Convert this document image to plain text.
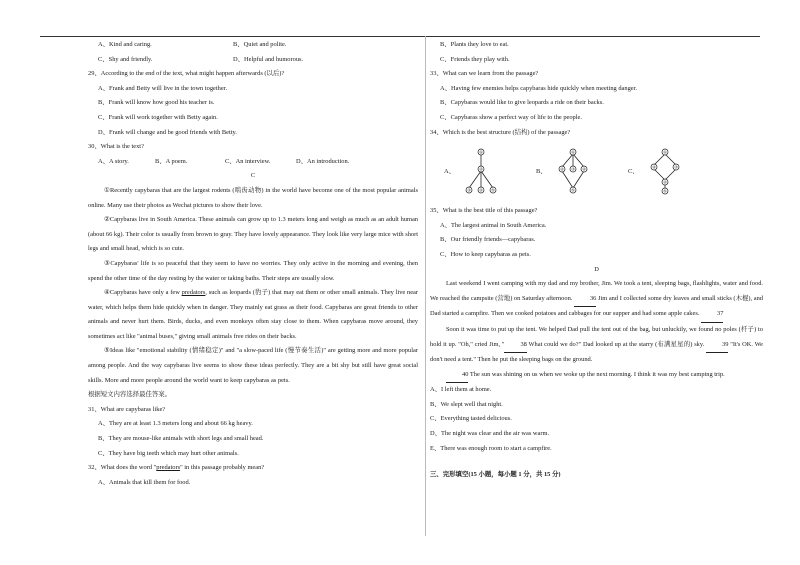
A、Kind and caring.	B、Quiet and polite.
C、Shy and friendly.	D、Helpful and humorous.
29、According to the end of the text, what might happen afterwards (以后)?
A、Frank and Betty will live in the town together.
B、Frank will know how good his teacher is.
C、Frank will work together with Betty again.
D、Frank will change and be good friends with Betty.
30、What is the text?
A、A story.	B、A poem.	C、An interview.	D、An introduction.
C
①Recently capybaras that are the largest rodents (啮齿动物) in the world have become one of the most popular animals online. Many use their photos as Wechat pictures to show their love.
②Capybaras live in South America. These animals can grow up to 1.3 meters long and weigh as much as an adult human (about 66 kg). Their color is usually from brown to gray. They have lovely appearance. They look like very large mice with short legs and small head, which is so cute.
③Capybaras' life is so peaceful that they seem to have no worries. They only active in the morning and evening, then spend the other time of the day resting by the water or taking baths. Their steps are usually slow.
④Capybaras have only a few predators, such as leopards (豹子) that may eat them or other small animals. They live near water, which helps them hide quickly when in danger. They mainly eat grass as their food. Capybaras are great friends to other animals and never hurt them. Birds, ducks, and even monkeys often stay close to them. When capybaras move around, they sometimes act like "animal buses," giving small animals free rides on their backs.
⑤Ideas like "emotional stability (情绪稳定)" and "a slow-paced life (慢节奏生活)" are getting more and more popular among people. And the way capybaras live seems to show these ideas perfectly. They are a bit shy but still have great social skills. More and more people around the world want to keep capybaras as pets.
根据短文内容选择最佳答案。
31、What are capybaras like?
A、They are at least 1.3 meters long and about 66 kg heavy.
B、They are mouse-like animals with short legs and small head.
C、They have big teeth which may hurt other animals.
32、What does the word "predators" in this passage probably mean?
A、Animals that kill them for food.
B、Plants they love to eat.
C、Friends they play with.
33、What can we learn from the passage?
A、Having few enemies helps capybaras hide quickly when meeting danger.
B、Capybaras would like to give leopards a ride on their backs.
C、Capybaras show a perfect way of life to the people.
34、Which is the best structure (结构) of the passage?
A、
①
②
③ ④ ⑤
B、
①
② ③ ④
⑤
C、
①
②	③
④
⑤
35、What is the best title of this passage?
A、The largest animal in South America.
B、Our friendly friends—capybaras.
C、How to keep capybaras as pets.
D
Last weekend I went camping with my dad and my brother, Jim. We took a tent, sleeping bags, flashlights, water and food. We reached the campsite (营地) on Saturday afternoon.	36 Jim and I collected some dry leaves and small sticks (木棍), and Dad started a campfire. Then we cooked potatoes and cabbages for our supper and had some apple cakes.	37
Soon it was time to put up the tent. We helped Dad pull the tent out of the bag, but unluckily, we found no poles (杆子) to hold it up. "Oh," cried Jim, "	38 What could we do?" Dad looked up at the starry (布满星星的) sky.	39 "It's OK. We don't need a tent." Then he put the sleeping bags on the ground.
40 The sun was shining on us when we woke up the next morning. I think it was my best camping trip.
A、I left them at home.
B、We slept well that night.
C、Everything tasted delicious.
D、The night was clear and the air was warm.
E、There was enough room to start a campfire.
三、完形填空(15 小题，每小题 1 分，共 15 分)
